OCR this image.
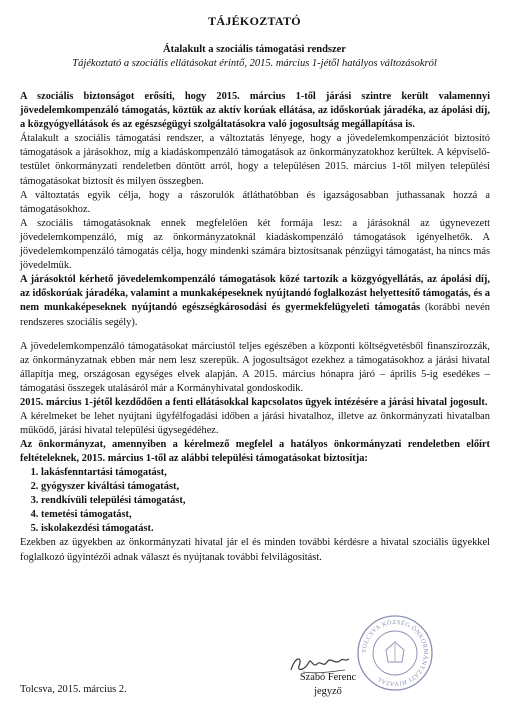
TÁJÉKOZTATÓ
Átalakult a szociális támogatási rendszer
Tájékoztató a szociális ellátásokat érintő, 2015. március 1-jétől hatályos változásokról

A szociális biztonságot erősíti, hogy 2015. március 1-től járási szintre került valamennyi jövedelemkompenzáló támogatás, köztük az aktív korúak ellátása, az időskorúak járadéka, az ápolási díj, a közgyógyellátások és az egészségügyi szolgáltatásokra való jogosultság megállapítása is.

Átalakult a szociális támogatási rendszer, a változtatás lényege, hogy a jövedelemkompenzációt biztosító támogatások a járásokhoz, míg a kiadáskompenzáló támogatások az önkormányzatokhoz kerültek. A képviselő-testület önkormányzati rendeletben döntött arról, hogy a településen 2015. március 1-től milyen települési támogatásokat biztosít és milyen összegben.

A változtatás egyik célja, hogy a rászorulók átláthatóbban és igazságosabban juthassanak hozzá a támogatásokhoz.

A szociális támogatásoknak ennek megfelelően két formája lesz: a járásoknál az úgynevezett jövedelemkompenzáló, míg az önkormányzatoknál kiadáskompenzáló támogatások igényelhetők. A jövedelemkompenzáló támogatás célja, hogy mindenki számára biztosítsanak pénzügyi támogatást, ha nincs más jövedelmük.

A járásoktól kérhető jövedelemkompenzáló támogatások közé tartozik a közgyógyellátás, az ápolási díj, az időskorúak járadéka, valamint a munkaképeseknek nyújtandó foglalkozást helyettesítő támogatás, és a nem munkaképeseknek nyújtandó egészségkárosodási és gyermekfelügyeleti támogatás (korábbi nevén rendszeres szociális segély).

A jövedelemkompenzáló támogatásokat márciustól teljes egészében a központi költségvetésből finanszírozzák, az önkormányzatnak ebben már nem lesz szerepük. A jogosultságot ezekhez a támogatásokhoz a járási hivatal állapítja meg, országosan egységes elvek alapján. A 2015. március hónapra járó – április 5-ig esedékes – támogatási összegek utalásáról már a Kormányhivatal gondoskodik.

2015. március 1-jétől kezdődően a fenti ellátásokkal kapcsolatos ügyek intézésére a járási hivatal jogosult.

A kérelmeket be lehet nyújtani ügyfélfogadási időben a járási hivatalhoz, illetve az önkormányzati hivatalban működő, járási hivatal települési ügysegédéhez.

Az önkormányzat, amennyiben a kérelmező megfelel a hatályos önkormányzati rendeletben előírt feltételeknek, 2015. március 1-től az alábbi települési támogatásokat biztosítja:

1. lakásfenntartási támogatást,
2. gyógyszer kiváltási támogatást,
3. rendkívüli települési támogatást,
4. temetési támogatást,
5. iskolakezdési támogatást.

Ezekben az ügyekben az önkormányzati hivatal jár el és minden további kérdésre a hivatal szociális ügyekkel foglalkozó ügyintézői adnak választ és nyújtanak további felvilágosítást.

Tolcsva, 2015. március 2.
TOLCSVA KÖZSÉG ÖNKORMÁNYZATI HIVATAL
Szabó Ferenc
jegyző
